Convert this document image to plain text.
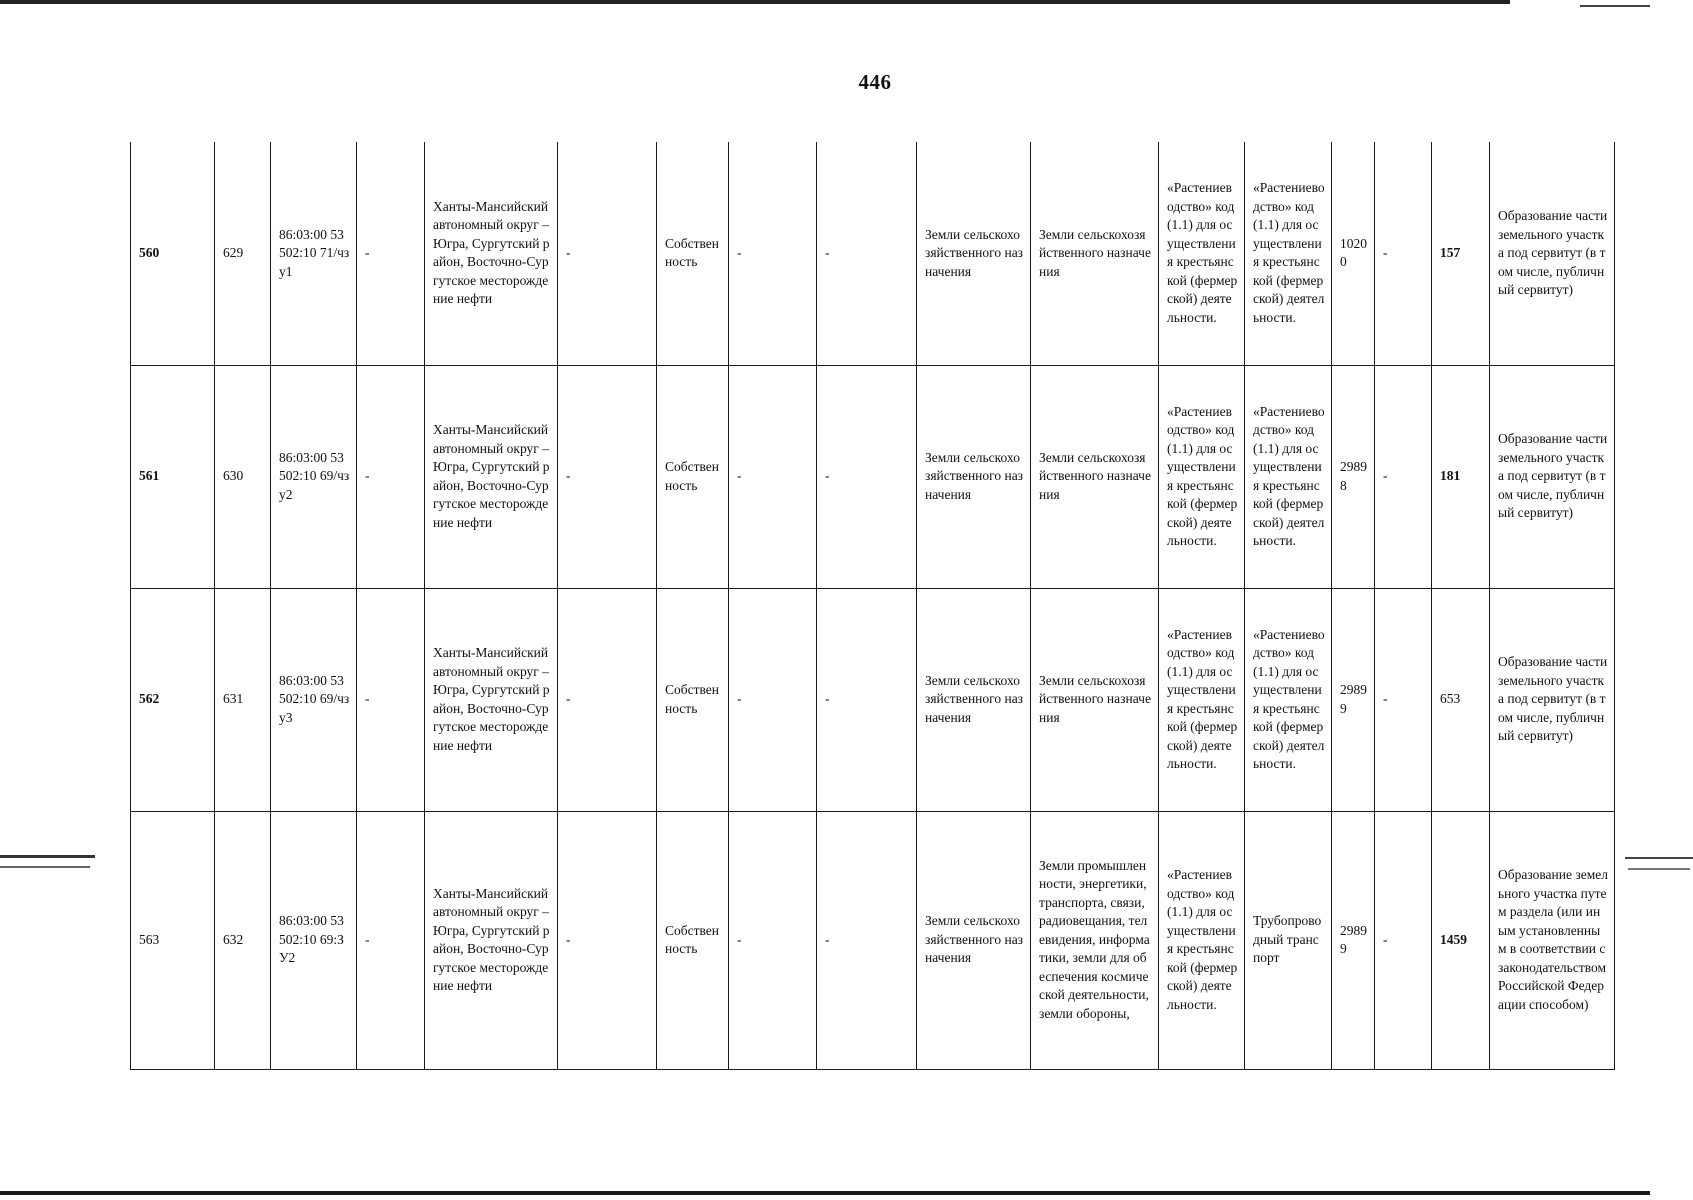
446
560	629	86:03:00 53502:10 71/чзу1	-	Ханты-Мансийский автономный округ – Югра, Сургутский район, Восточно-Сургутское месторождение нефти	-	Собственность	-	-	Земли сельскохозяйственного назначения	Земли сельскохозяйственного назначения	«Растениеводство» код (1.1) для осуществления крестьянской (фермерской) деятельности.	«Растениеводство» код (1.1) для осуществления крестьянской (фермерской) деятельности.	10200	-	157	Образование части земельного участка под сервитут (в том числе, публичный сервитут)
561	630	86:03:00 53502:10 69/чзу2	-	Ханты-Мансийский автономный округ – Югра, Сургутский район, Восточно-Сургутское месторождение нефти	-	Собственность	-	-	Земли сельскохозяйственного назначения	Земли сельскохозяйственного назначения	«Растениеводство» код (1.1) для осуществления крестьянской (фермерской) деятельности.	«Растениеводство» код (1.1) для осуществления крестьянской (фермерской) деятельности.	29898	-	181	Образование части земельного участка под сервитут (в том числе, публичный сервитут)
562	631	86:03:00 53502:10 69/чзу3	-	Ханты-Мансийский автономный округ – Югра, Сургутский район, Восточно-Сургутское месторождение нефти	-	Собственность	-	-	Земли сельскохозяйственного назначения	Земли сельскохозяйственного назначения	«Растениеводство» код (1.1) для осуществления крестьянской (фермерской) деятельности.	«Растениеводство» код (1.1) для осуществления крестьянской (фермерской) деятельности.	29899	-	653	Образование части земельного участка под сервитут (в том числе, публичный сервитут)
563	632	86:03:00 53502:10 69:ЗУ2	-	Ханты-Мансийский автономный округ – Югра, Сургутский район, Восточно-Сургутское месторождение нефти	-	Собственность	-	-	Земли сельскохозяйственного назначения	Земли промышленности, энергетики, транспорта, связи, радиовещания, телевидения, информатики, земли для обеспечения космической деятельности, земли обороны,	«Растениеводство» код (1.1) для осуществления крестьянской (фермерской) деятельности.	Трубопроводный транспорт	29899	-	1459	Образование земельного участка путем раздела (или иным установленным в соответствии с законодательством Российской Федерации способом)
